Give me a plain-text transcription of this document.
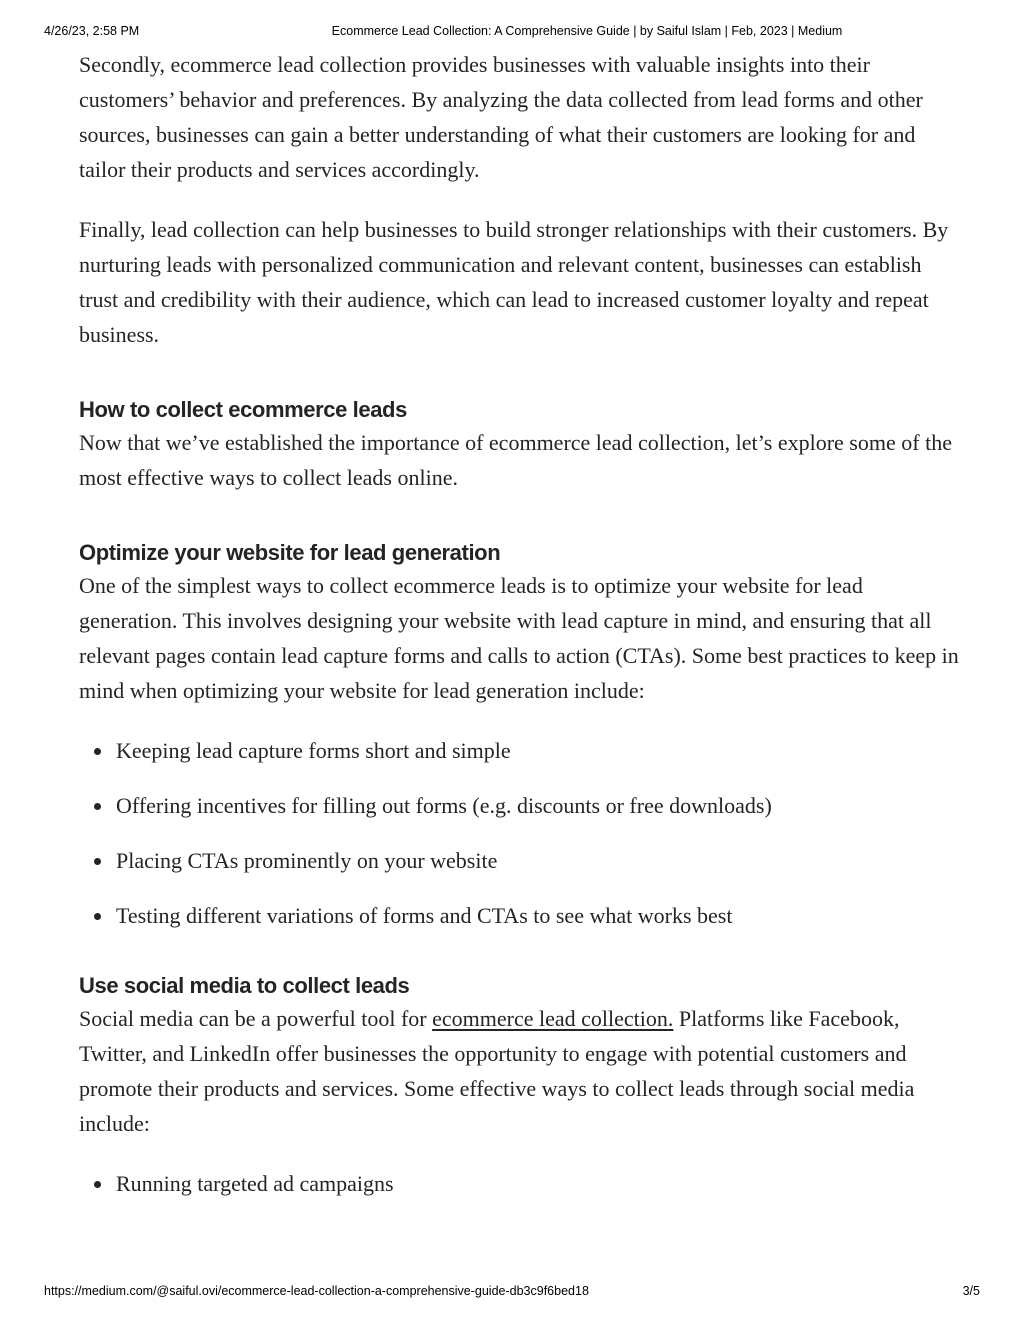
4/26/23, 2:58 PM	Ecommerce Lead Collection: A Comprehensive Guide | by Saiful Islam | Feb, 2023 | Medium

Secondly, ecommerce lead collection provides businesses with valuable insights into their customers’ behavior and preferences. By analyzing the data collected from lead forms and other sources, businesses can gain a better understanding of what their customers are looking for and tailor their products and services accordingly.

Finally, lead collection can help businesses to build stronger relationships with their customers. By nurturing leads with personalized communication and relevant content, businesses can establish trust and credibility with their audience, which can lead to increased customer loyalty and repeat business.

How to collect ecommerce leads

Now that we’ve established the importance of ecommerce lead collection, let’s explore some of the most effective ways to collect leads online.

Optimize your website for lead generation

One of the simplest ways to collect ecommerce leads is to optimize your website for lead generation. This involves designing your website with lead capture in mind, and ensuring that all relevant pages contain lead capture forms and calls to action (CTAs). Some best practices to keep in mind when optimizing your website for lead generation include:

Keeping lead capture forms short and simple
Offering incentives for filling out forms (e.g. discounts or free downloads)
Placing CTAs prominently on your website
Testing different variations of forms and CTAs to see what works best
Use social media to collect leads

Social media can be a powerful tool for ecommerce lead collection. Platforms like Facebook, Twitter, and LinkedIn offer businesses the opportunity to engage with potential customers and promote their products and services. Some effective ways to collect leads through social media include:

Running targeted ad campaigns
https://medium.com/@saiful.ovi/ecommerce-lead-collection-a-comprehensive-guide-db3c9f6bed18	3/5
